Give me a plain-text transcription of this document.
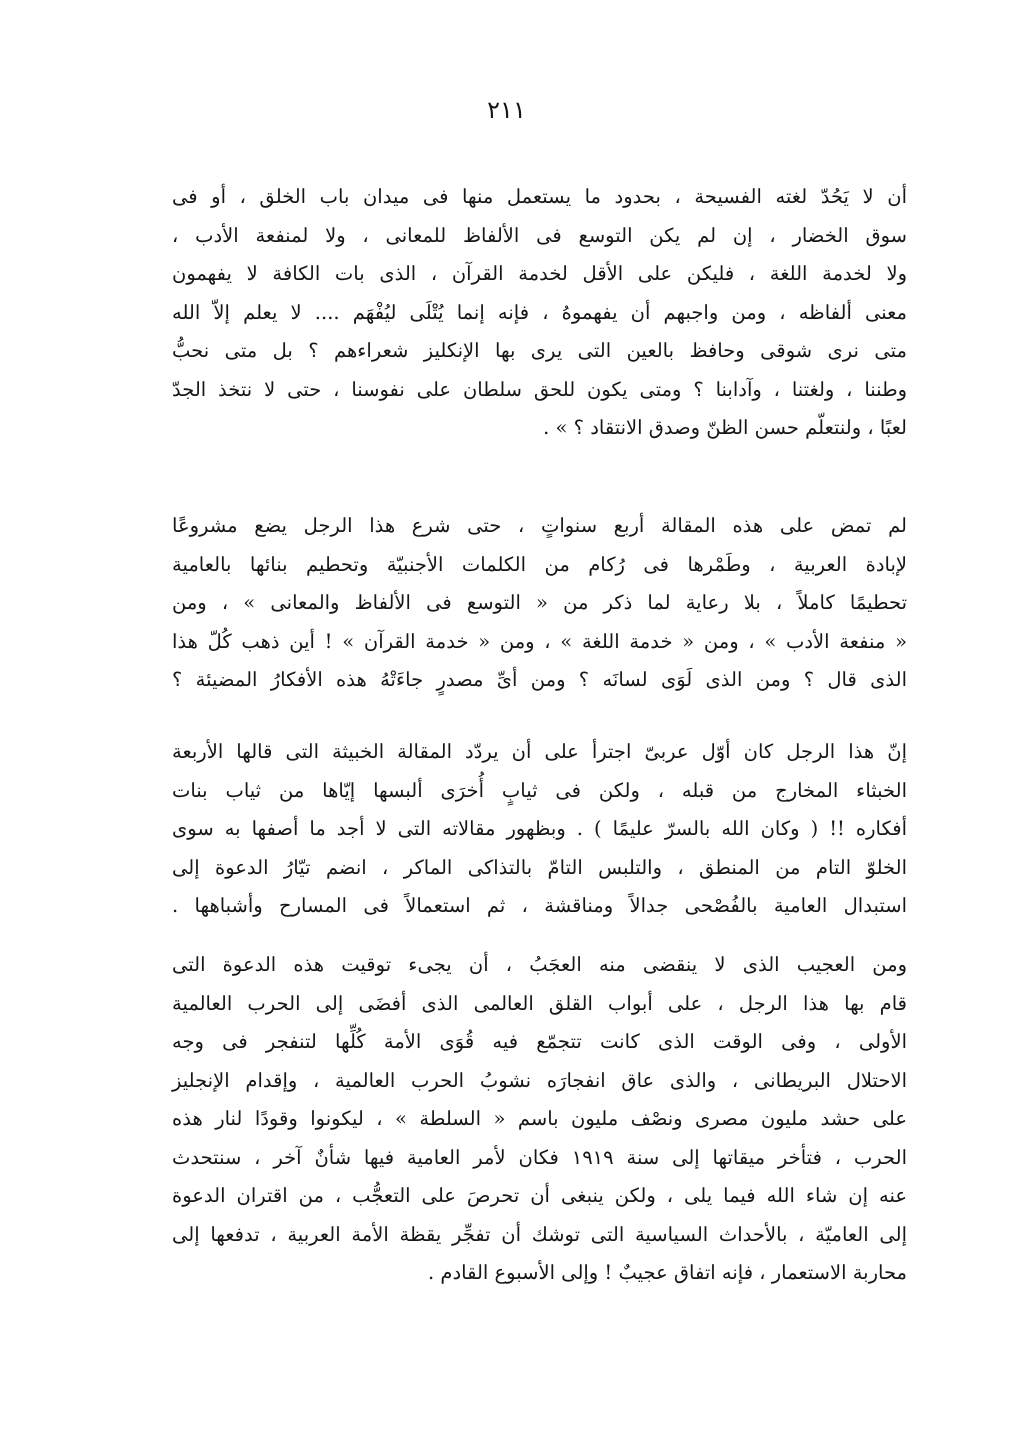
٢١١
أن لا يَحُدّ لغته الفسيحة ، بحدود ما يستعمل منها فى ميدان باب الخلق ، أو فى
سوق الخضار ، إن لم يكن التوسع فى الألفاظ للمعانى ، ولا لمنفعة الأدب ،
ولا لخدمة اللغة ، فليكن على الأقل لخدمة القرآن ، الذى بات الكافة لا يفهمون
معنى ألفاظه ، ومن واجبهم أن يفهموهُ ، فإنه إنما يُتْلَى ليُفْهَم .... لا يعلم إلاّ الله
متى نرى شوقى وحافظ بالعين التى يرى بها الإنكليز شعراءهم ؟ بل متى نحبُّ
وطننا ، ولغتنا ، وآدابنا ؟ ومتى يكون للحق سلطان على نفوسنا ، حتى لا نتخذ الجدّ
لعبًا ، ولنتعلّم حسن الظنّ وصدق الانتقاد ؟ » .
لم تمض على هذه المقالة أربع سنواتٍ ، حتى شرع هذا الرجل يضع مشروعًا
لإبادة العربية ، وطَمْرها فى رُكام من الكلمات الأجنبيّة وتحطيم بنائها بالعامية
تحطيمًا كاملاً ، بلا رعاية لما ذكر من « التوسع فى الألفاظ والمعانى » ، ومن
« منفعة الأدب » ، ومن « خدمة اللغة » ، ومن « خدمة القرآن » ! أين ذهب كُلّ هذا
الذى قال ؟ ومن الذى لَوَى لسانَه ؟ ومن أىِّ مصدرٍ جاءَتْهُ هذه الأفكارُ المضيئة ؟
إنّ هذا الرجل كان أوّل عربىّ اجترأ على أن يردّد المقالة الخبيثة التى قالها الأربعة
الخبثاء المخارج من قبله ، ولكن فى ثيابٍ أُخرَى ألبسها إيّاها من ثياب بنات
أفكاره !! ( وكان الله بالسرّ عليمًا ) . وبظهور مقالاته التى لا أجد ما أصفها به سوى
الخلوّ التام من المنطق ، والتلبس التامّ بالتذاكى الماكر ، انضم تيّارُ الدعوة إلى
استبدال العامية بالفُصْحى جدالاً ومناقشة ، ثم استعمالاً فى المسارح وأشباهها .
ومن العجيب الذى لا ينقضى منه العجَبُ ، أن يجىء توقيت هذه الدعوة التى
قام بها هذا الرجل ، على أبواب القلق العالمى الذى أفضَى إلى الحرب العالمية
الأولى ، وفى الوقت الذى كانت تتجمّع فيه قُوَى الأمة كُلِّها لتنفجر فى وجه
الاحتلال البريطانى ، والذى عاق انفجارَه نشوبُ الحرب العالمية ، وإقدام الإنجليز
على حشد مليون مصرى ونصْف مليون باسم « السلطة » ، ليكونوا وقودًا لنار هذه
الحرب ، فتأخر ميقاتها إلى سنة ١٩١٩ فكان لأمر العامية فيها شأنٌ آخر ، سنتحدث
عنه إن شاء الله فيما يلى ، ولكن ينبغى أن تحرصَ على التعجُّب ، من اقتران الدعوة
إلى العاميّة ، بالأحداث السياسية التى توشك أن تفجِّر يقظة الأمة العربية ، تدفعها إلى
محاربة الاستعمار ، فإنه اتفاق عجيبٌ ! وإلى الأسبوع القادم .
